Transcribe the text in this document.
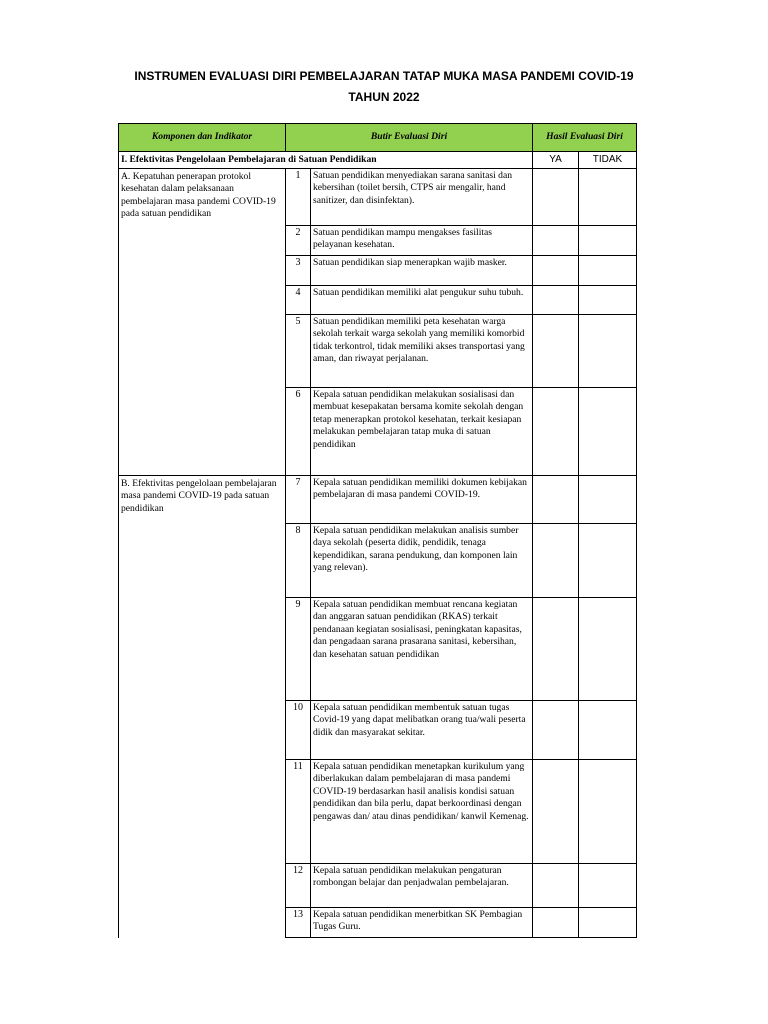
INSTRUMEN EVALUASI DIRI PEMBELAJARAN TATAP MUKA MASA PANDEMI COVID-19
TAHUN 2022
Komponen dan Indikator	Butir Evaluasi Diri		Hasil Evaluasi Diri	
I. Efektivitas Pengelolaan Pembelajaran di Satuan Pendidikan			YA	TIDAK
A. Kepatuhan penerapan protokol kesehatan dalam pelaksanaan pembelajaran masa pandemi COVID-19 pada satuan pendidikan	1	Satuan pendidikan menyediakan sarana sanitasi dan kebersihan (toilet bersih, CTPS air mengalir, hand sanitizer, dan disinfektan).		
	2	Satuan pendidikan mampu mengakses fasilitas pelayanan kesehatan.		
	3	Satuan pendidikan siap menerapkan wajib masker.		
	4	Satuan pendidikan memiliki alat pengukur suhu tubuh.		
	5	Satuan pendidikan memiliki peta kesehatan warga sekolah terkait warga sekolah yang memiliki komorbid tidak terkontrol, tidak memiliki akses transportasi yang aman, dan riwayat perjalanan.		
	6	Kepala satuan pendidikan melakukan sosialisasi dan membuat kesepakatan bersama komite sekolah dengan tetap menerapkan protokol kesehatan, terkait kesiapan melakukan pembelajaran tatap muka di satuan pendidikan		
B. Efektivitas pengelolaan pembelajaran masa pandemi COVID-19 pada satuan pendidikan	7	Kepala satuan pendidikan memiliki dokumen kebijakan pembelajaran di masa pandemi COVID-19.		
	8	Kepala satuan pendidikan melakukan analisis sumber daya sekolah (peserta didik, pendidik, tenaga kependidikan, sarana pendukung, dan komponen lain yang relevan).		
	9	Kepala satuan pendidikan membuat rencana kegiatan dan anggaran satuan pendidikan (RKAS) terkait pendanaan kegiatan sosialisasi, peningkatan kapasitas, dan pengadaan sarana prasarana sanitasi, kebersihan, dan kesehatan satuan pendidikan		
	10	Kepala satuan pendidikan membentuk satuan tugas Covid-19 yang dapat melibatkan orang tua/wali peserta didik dan masyarakat sekitar.		
	11	Kepala satuan pendidikan menetapkan kurikulum yang diberlakukan dalam pembelajaran di masa pandemi COVID-19 berdasarkan hasil analisis kondisi satuan pendidikan dan bila perlu, dapat berkoordinasi dengan pengawas dan/ atau dinas pendidikan/ kanwil Kemenag.		
	12	Kepala satuan pendidikan melakukan pengaturan rombongan belajar dan penjadwalan pembelajaran.		
	13	Kepala satuan pendidikan menerbitkan SK Pembagian Tugas Guru.		
